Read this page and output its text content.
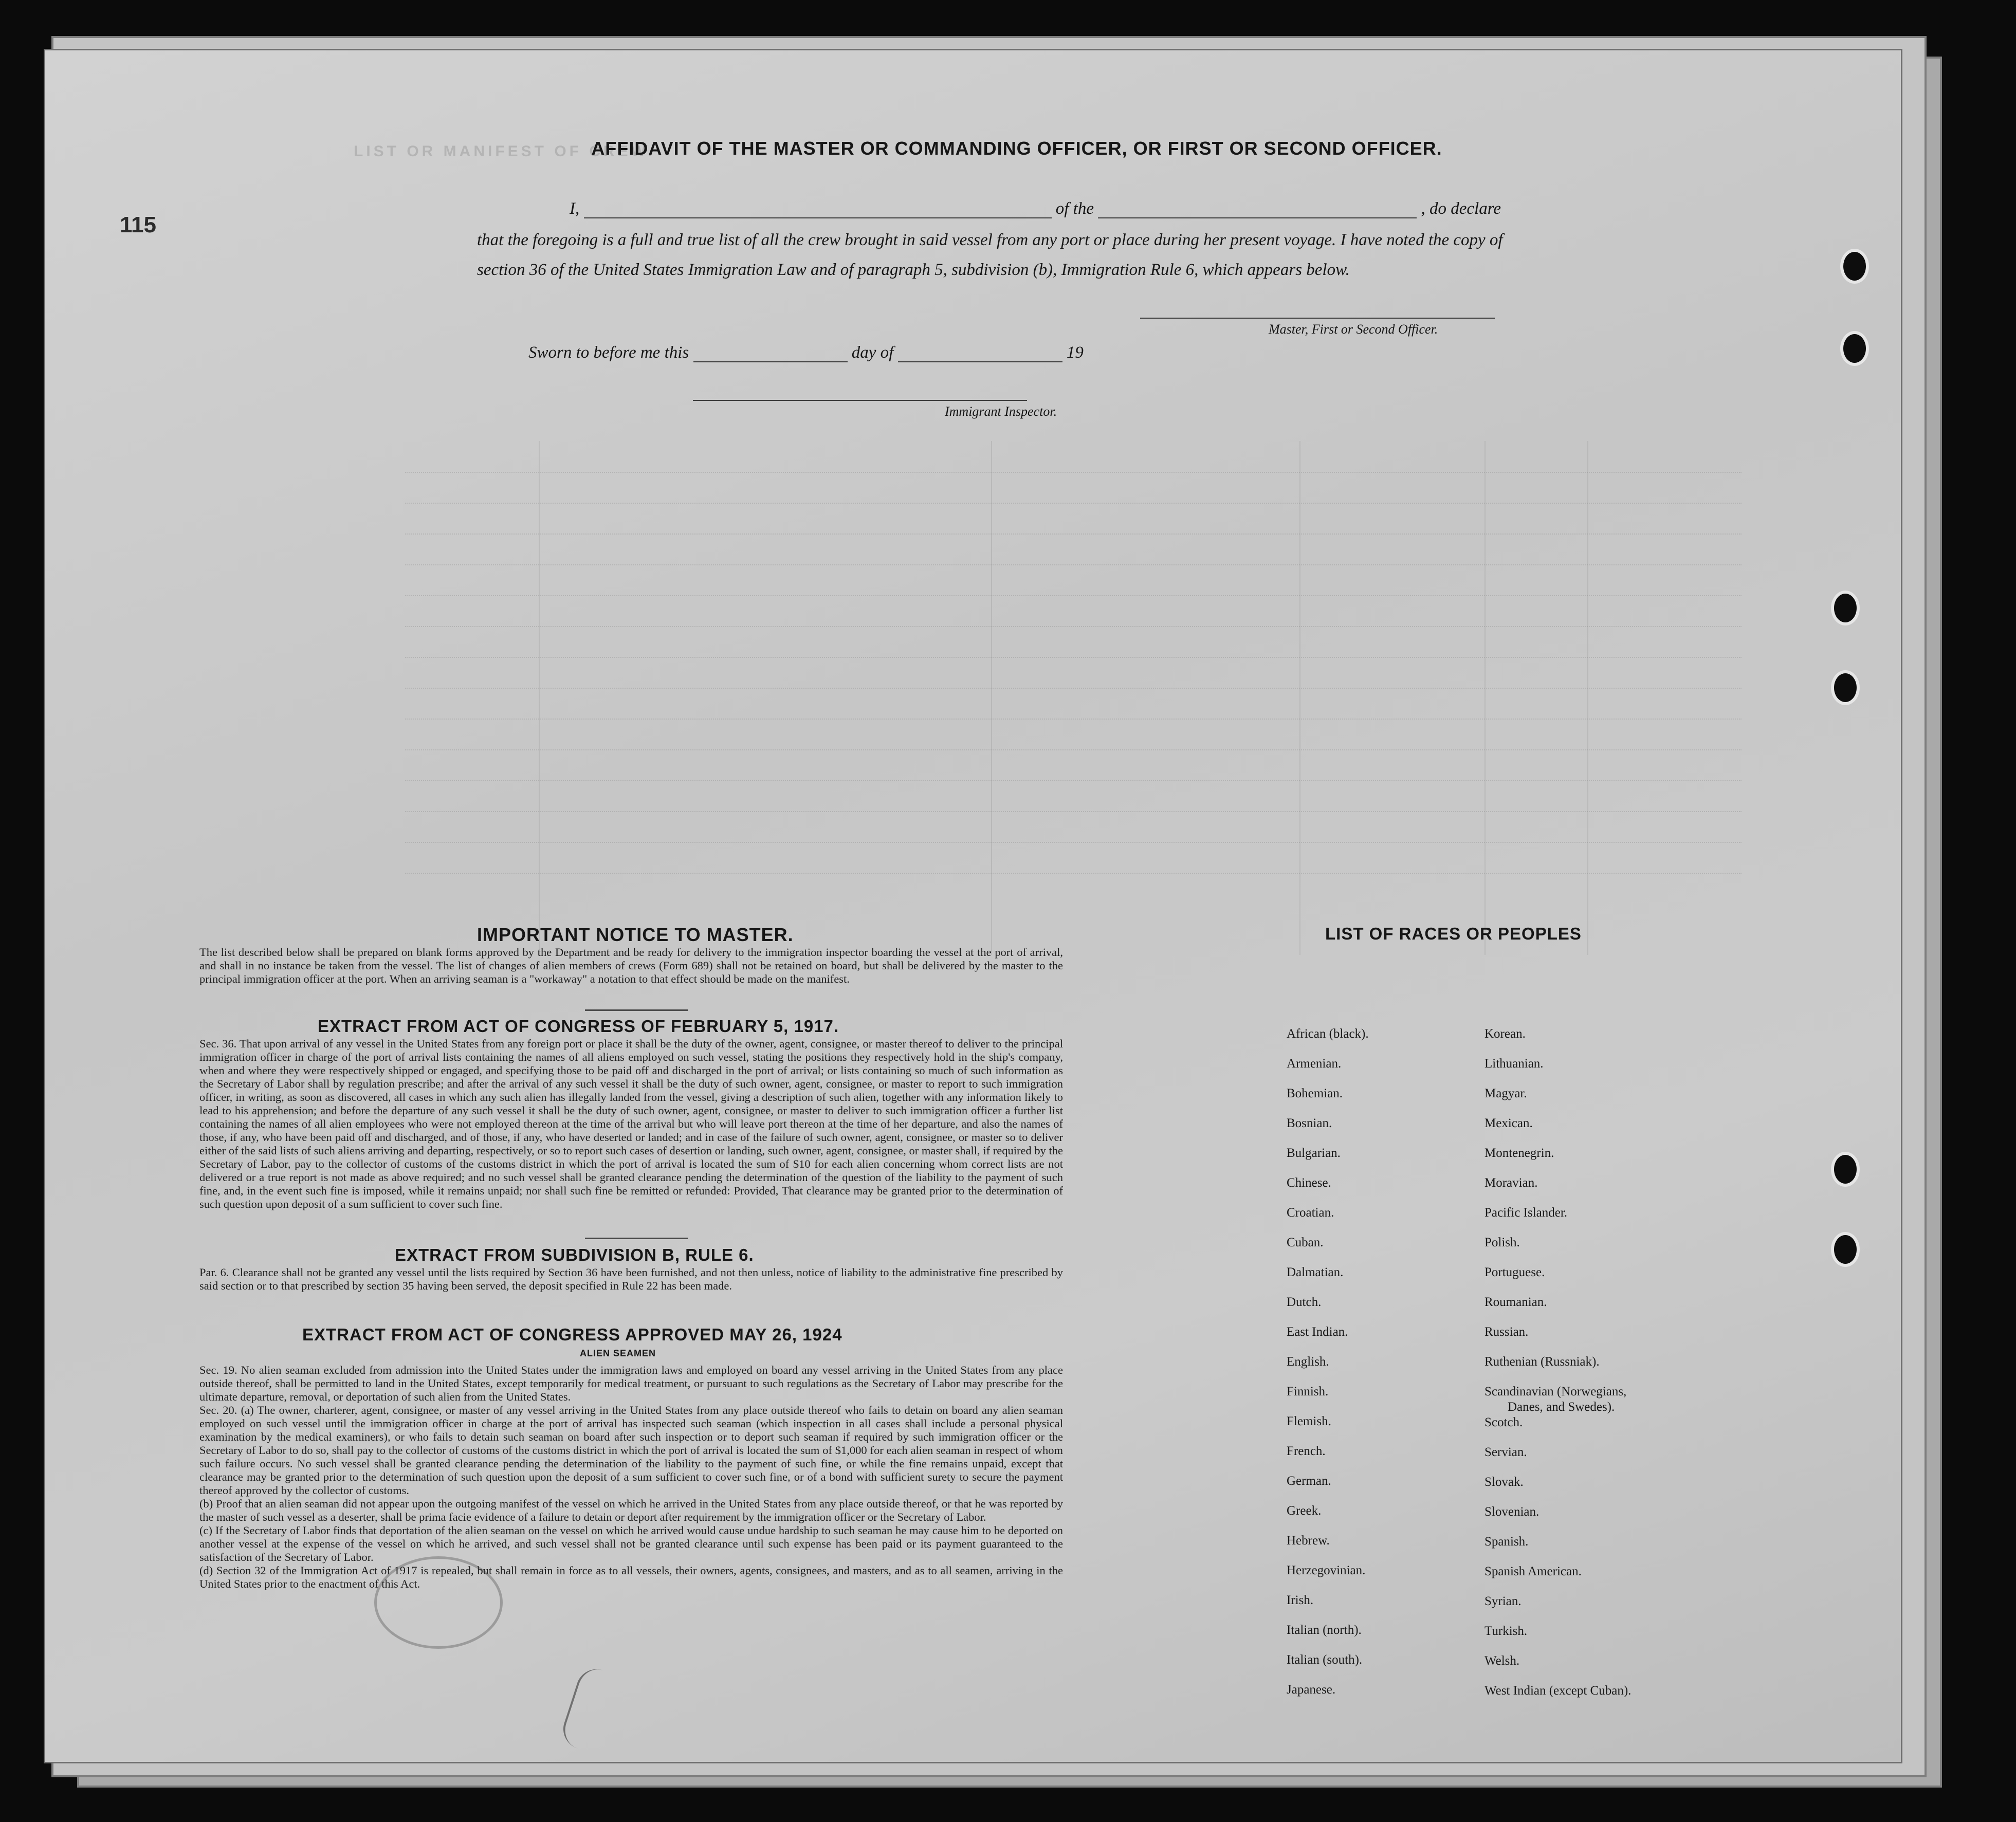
LIST OR MANIFEST OF CREW.
115
AFFIDAVIT OF THE MASTER OR COMMANDING OFFICER, OR FIRST OR SECOND OFFICER.
I,	of the	, do declare
that the foregoing is a full and true list of all the crew brought in said vessel from any port or place during her present voyage. I have noted the copy of section 36 of the United States Immigration Law and of paragraph 5, subdivision (b), Immigration Rule 6, which appears below.
Master, First or Second Officer.
Sworn to before me this	day of	19
Immigrant Inspector.
IMPORTANT NOTICE TO MASTER.
The list described below shall be prepared on blank forms approved by the Department and be ready for delivery to the immigration inspector boarding the vessel at the port of arrival, and shall in no instance be taken from the vessel. The list of changes of alien members of crews (Form 689) shall not be retained on board, but shall be delivered by the master to the principal immigration officer at the port. When an arriving seaman is a "workaway" a notation to that effect should be made on the manifest.
EXTRACT FROM ACT OF CONGRESS OF FEBRUARY 5, 1917.
Sec. 36. That upon arrival of any vessel in the United States from any foreign port or place it shall be the duty of the owner, agent, consignee, or master thereof to deliver to the principal immigration officer in charge of the port of arrival lists containing the names of all aliens employed on such vessel, stating the positions they respectively hold in the ship's company, when and where they were respectively shipped or engaged, and specifying those to be paid off and discharged in the port of arrival; or lists containing so much of such information as the Secretary of Labor shall by regulation prescribe; and after the arrival of any such vessel it shall be the duty of such owner, agent, consignee, or master to report to such immigration officer, in writing, as soon as discovered, all cases in which any such alien has illegally landed from the vessel, giving a description of such alien, together with any information likely to lead to his apprehension; and before the departure of any such vessel it shall be the duty of such owner, agent, consignee, or master to deliver to such immigration officer a further list containing the names of all alien employees who were not employed thereon at the time of the arrival but who will leave port thereon at the time of her departure, and also the names of those, if any, who have been paid off and discharged, and of those, if any, who have deserted or landed; and in case of the failure of such owner, agent, consignee, or master so to deliver either of the said lists of such aliens arriving and departing, respectively, or so to report such cases of desertion or landing, such owner, agent, consignee, or master shall, if required by the Secretary of Labor, pay to the collector of customs of the customs district in which the port of arrival is located the sum of $10 for each alien concerning whom correct lists are not delivered or a true report is not made as above required; and no such vessel shall be granted clearance pending the determination of the question of the liability to the payment of such fine, and, in the event such fine is imposed, while it remains unpaid; nor shall such fine be remitted or refunded: Provided, That clearance may be granted prior to the determination of such question upon deposit of a sum sufficient to cover such fine.
EXTRACT FROM SUBDIVISION B, RULE 6.
Par. 6. Clearance shall not be granted any vessel until the lists required by Section 36 have been furnished, and not then unless, notice of liability to the administrative fine prescribed by said section or to that prescribed by section 35 having been served, the deposit specified in Rule 22 has been made.
EXTRACT FROM ACT OF CONGRESS APPROVED MAY 26, 1924
ALIEN SEAMEN
Sec. 19. No alien seaman excluded from admission into the United States under the immigration laws and employed on board any vessel arriving in the United States from any place outside thereof, shall be permitted to land in the United States, except temporarily for medical treatment, or pursuant to such regulations as the Secretary of Labor may prescribe for the ultimate departure, removal, or deportation of such alien from the United States.
Sec. 20. (a) The owner, charterer, agent, consignee, or master of any vessel arriving in the United States from any place outside thereof who fails to detain on board any alien seaman employed on such vessel until the immigration officer in charge at the port of arrival has inspected such seaman (which inspection in all cases shall include a personal physical examination by the medical examiners), or who fails to detain such seaman on board after such inspection or to deport such seaman if required by such immigration officer or the Secretary of Labor to do so, shall pay to the collector of customs of the customs district in which the port of arrival is located the sum of $1,000 for each alien seaman in respect of whom such failure occurs. No such vessel shall be granted clearance pending the determination of the liability to the payment of such fine, or while the fine remains unpaid, except that clearance may be granted prior to the determination of such question upon the deposit of a sum sufficient to cover such fine, or of a bond with sufficient surety to secure the payment thereof approved by the collector of customs.
(b) Proof that an alien seaman did not appear upon the outgoing manifest of the vessel on which he arrived in the United States from any place outside thereof, or that he was reported by the master of such vessel as a deserter, shall be prima facie evidence of a failure to detain or deport after requirement by the immigration officer or the Secretary of Labor.
(c) If the Secretary of Labor finds that deportation of the alien seaman on the vessel on which he arrived would cause undue hardship to such seaman he may cause him to be deported on another vessel at the expense of the vessel on which he arrived, and such vessel shall not be granted clearance until such expense has been paid or its payment guaranteed to the satisfaction of the Secretary of Labor.
(d) Section 32 of the Immigration Act of 1917 is repealed, but shall remain in force as to all vessels, their owners, agents, consignees, and masters, and as to all seamen, arriving in the United States prior to the enactment of this Act.
LIST OF RACES OR PEOPLES
African (black).
Armenian.
Bohemian.
Bosnian.
Bulgarian.
Chinese.
Croatian.
Cuban.
Dalmatian.
Dutch.
East Indian.
English.
Finnish.
Flemish.
French.
German.
Greek.
Hebrew.
Herzegovinian.
Irish.
Italian (north).
Italian (south).
Japanese.
Korean.
Lithuanian.
Magyar.
Mexican.
Montenegrin.
Moravian.
Pacific Islander.
Polish.
Portuguese.
Roumanian.
Russian.
Ruthenian (Russniak).
Scandinavian (Norwegians,
Danes, and Swedes).
Scotch.
Servian.
Slovak.
Slovenian.
Spanish.
Spanish American.
Syrian.
Turkish.
Welsh.
West Indian (except Cuban).
